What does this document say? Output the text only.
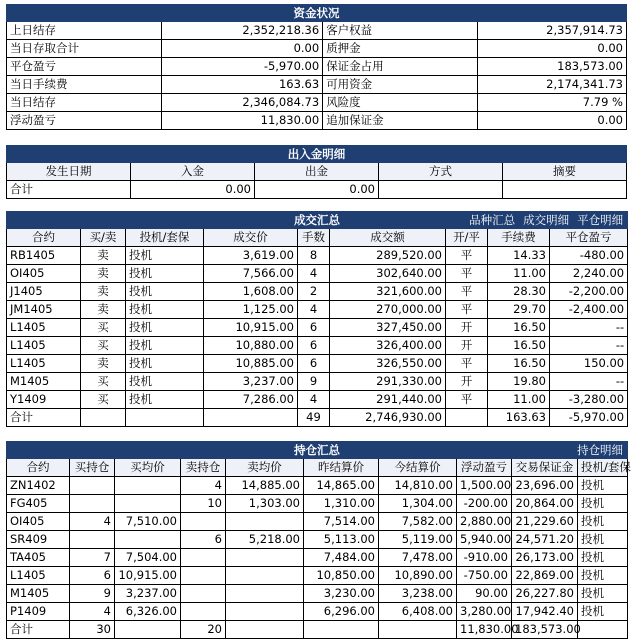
资金状况			
上日结存	2,352,218.36	客户权益	2,357,914.73
当日存取合计	0.00	质押金	0.00
平仓盈亏	-5,970.00	保证金占用	183,573.00
当日手续费	163.63	可用资金	2,174,341.73
当日结存	2,346,084.73	风险度	7.79 %
浮动盈亏	11,830.00	追加保证金	0.00
出入金明细				
发生日期	入金	出金	方式	摘要
合计	0.00	0.00		
成交汇总 品种汇总 成交明细 平仓明细								

合约	买/卖	投机/套保	成交价	手数	成交额	开/平	手续费	平仓盈亏
RB1405	卖	投机	3,619.00	8	289,520.00	平	14.33	-480.00
OI405	卖	投机	7,566.00	4	302,640.00	平	11.00	2,240.00
J1405	卖	投机	1,608.00	2	321,600.00	平	28.30	-2,200.00
JM1405	卖	投机	1,125.00	4	270,000.00	平	29.70	-2,400.00
L1405	买	投机	10,915.00	6	327,450.00	开	16.50	--
L1405	买	投机	10,880.00	6	326,400.00	开	16.50	--
L1405	卖	投机	10,885.00	6	326,550.00	平	16.50	150.00
M1405	买	投机	3,237.00	9	291,330.00	开	19.80	--
Y1409	买	投机	7,286.00	4	291,440.00	平	11.00	-3,280.00
合计				49	2,746,930.00		163.63	-5,970.00
持仓汇总 持仓明细									

合约	买持仓	买均价	卖持仓	卖均价	昨结算价	今结算价	浮动盈亏	交易保证金	投机/套保
ZN1402			4	14,885.00	14,865.00	14,810.00	1,500.00	23,696.00	投机
FG405			10	1,303.00	1,310.00	1,304.00	-200.00	20,864.00	投机
OI405	4	7,510.00			7,514.00	7,582.00	2,880.00	21,229.60	投机
SR409			6	5,218.00	5,113.00	5,119.00	5,940.00	24,571.20	投机
TA405	7	7,504.00			7,484.00	7,478.00	-910.00	26,173.00	投机
L1405	6	10,915.00			10,850.00	10,890.00	-750.00	22,869.00	投机
M1405	9	3,237.00			3,230.00	3,238.00	90.00	26,227.80	投机
P1409	4	6,326.00			6,296.00	6,408.00	3,280.00	17,942.40	投机
合计	30		20				11,830.00	183,573.00	
